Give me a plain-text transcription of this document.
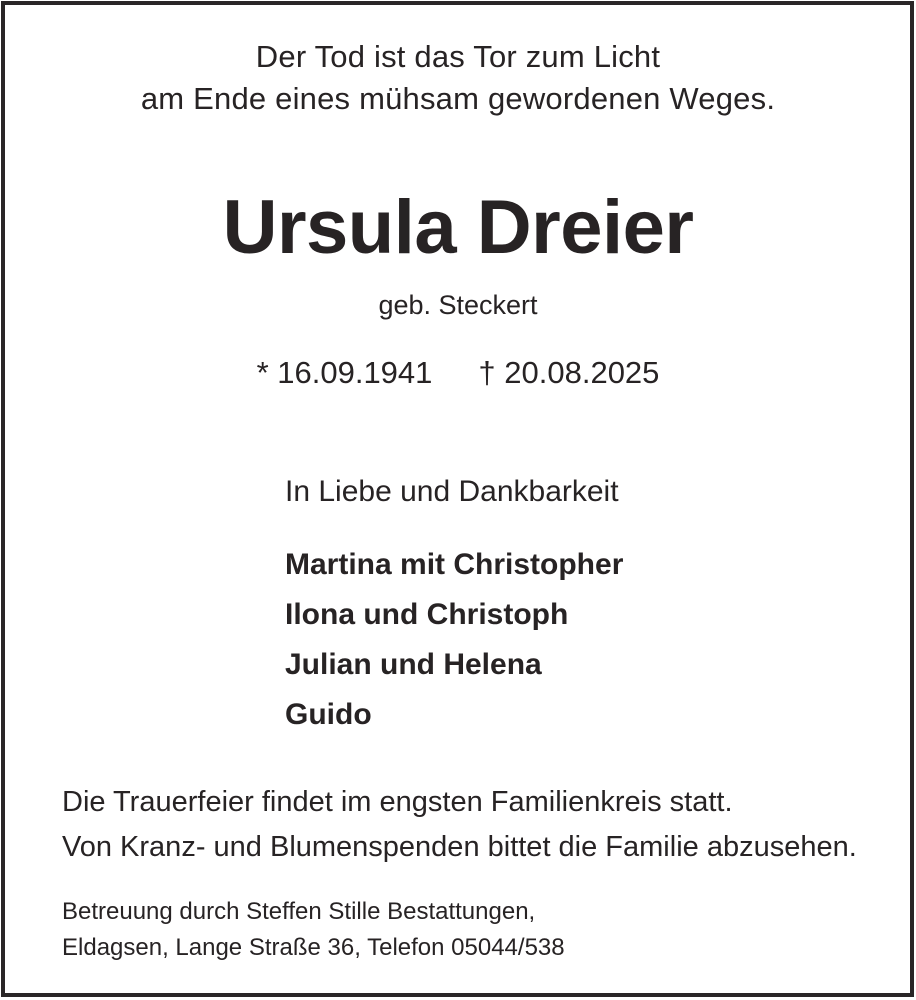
Der Tod ist das Tor zum Licht
am Ende eines mühsam gewordenen Weges.
Ursula Dreier
geb. Steckert
* 16.09.1941 † 20.08.2025
In Liebe und Dankbarkeit
Martina mit Christopher
Ilona und Christoph
Julian und Helena
Guido
Die Trauerfeier findet im engsten Familienkreis statt.
Von Kranz- und Blumenspenden bittet die Familie abzusehen.
Betreuung durch Steffen Stille Bestattungen,
Eldagsen, Lange Straße 36, Telefon 05044/538
